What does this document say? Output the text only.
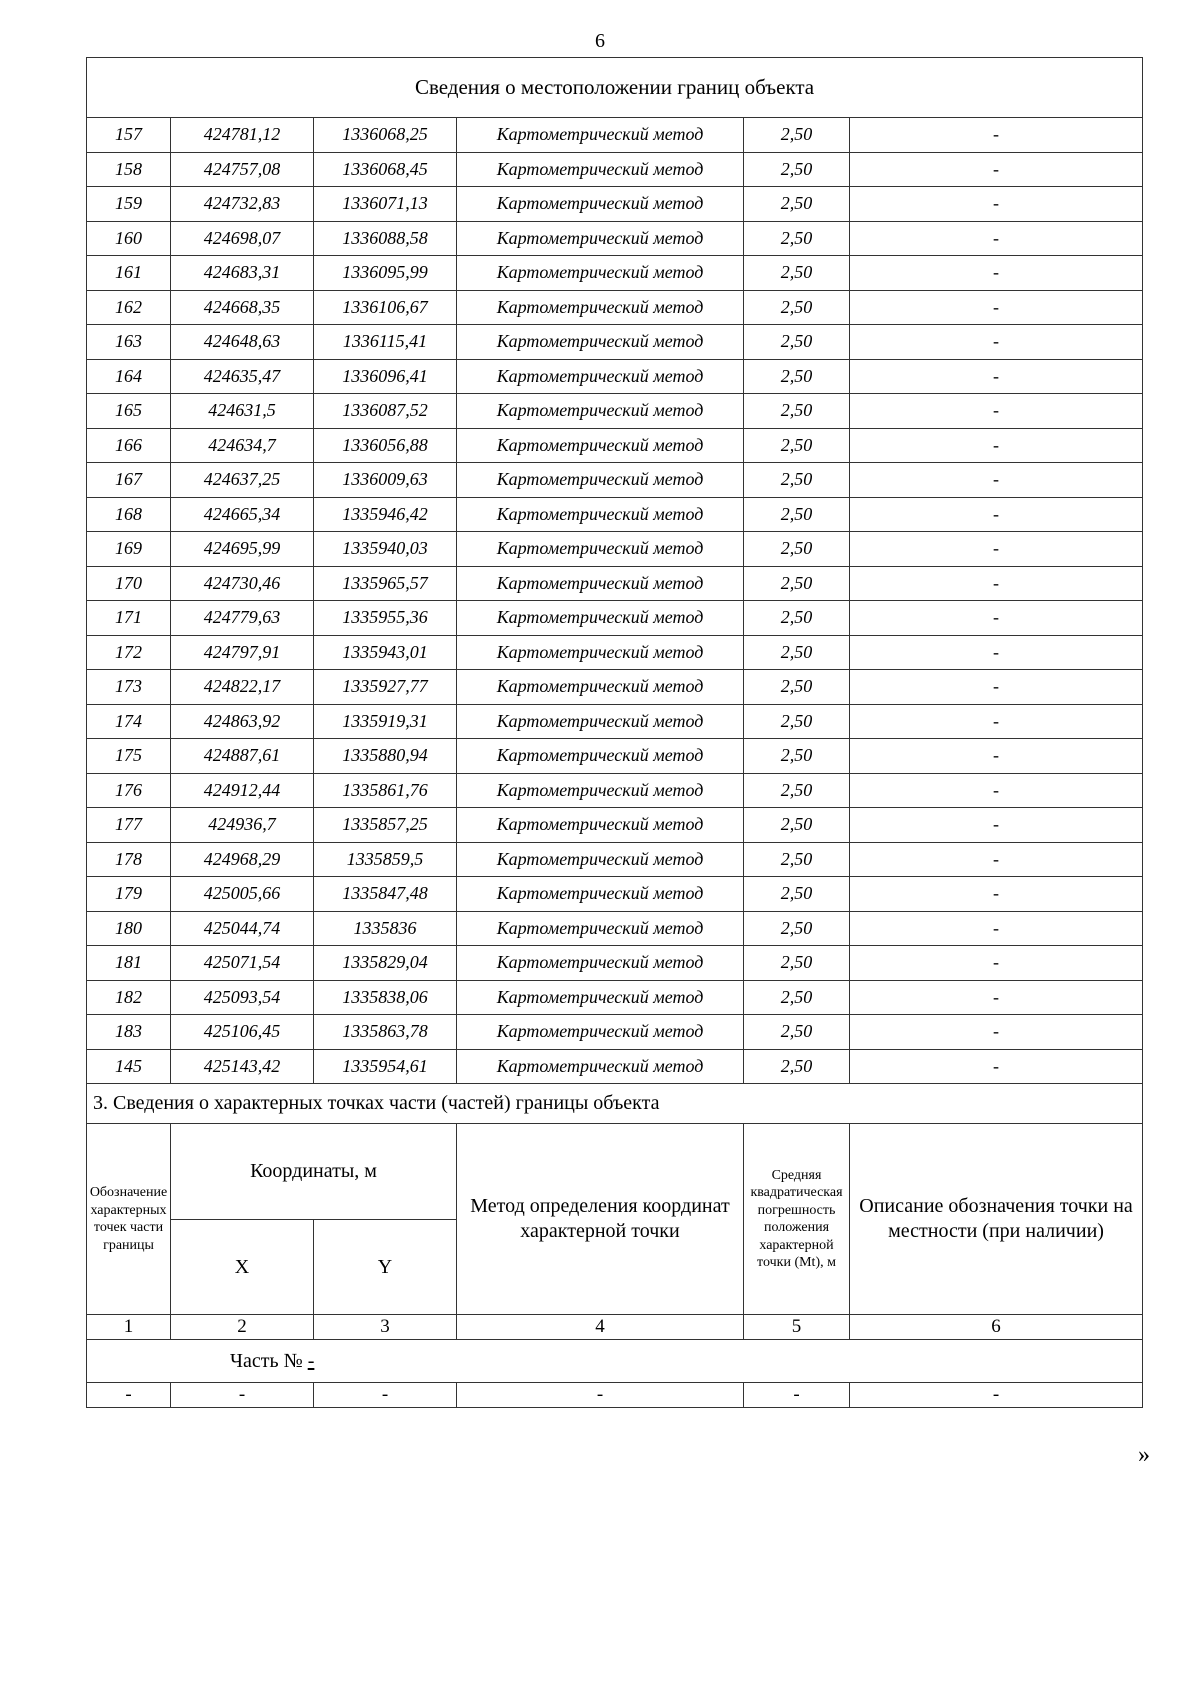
6
Сведения о местоположении границ объекта					
157	424781,12	1336068,25	Картометрический метод	2,50	-
158	424757,08	1336068,45	Картометрический метод	2,50	-
159	424732,83	1336071,13	Картометрический метод	2,50	-
160	424698,07	1336088,58	Картометрический метод	2,50	-
161	424683,31	1336095,99	Картометрический метод	2,50	-
162	424668,35	1336106,67	Картометрический метод	2,50	-
163	424648,63	1336115,41	Картометрический метод	2,50	-
164	424635,47	1336096,41	Картометрический метод	2,50	-
165	424631,5	1336087,52	Картометрический метод	2,50	-
166	424634,7	1336056,88	Картометрический метод	2,50	-
167	424637,25	1336009,63	Картометрический метод	2,50	-
168	424665,34	1335946,42	Картометрический метод	2,50	-
169	424695,99	1335940,03	Картометрический метод	2,50	-
170	424730,46	1335965,57	Картометрический метод	2,50	-
171	424779,63	1335955,36	Картометрический метод	2,50	-
172	424797,91	1335943,01	Картометрический метод	2,50	-
173	424822,17	1335927,77	Картометрический метод	2,50	-
174	424863,92	1335919,31	Картометрический метод	2,50	-
175	424887,61	1335880,94	Картометрический метод	2,50	-
176	424912,44	1335861,76	Картометрический метод	2,50	-
177	424936,7	1335857,25	Картометрический метод	2,50	-
178	424968,29	1335859,5	Картометрический метод	2,50	-
179	425005,66	1335847,48	Картометрический метод	2,50	-
180	425044,74	1335836	Картометрический метод	2,50	-
181	425071,54	1335829,04	Картометрический метод	2,50	-
182	425093,54	1335838,06	Картометрический метод	2,50	-
183	425106,45	1335863,78	Картометрический метод	2,50	-
145	425143,42	1335954,61	Картометрический метод	2,50	-
3. Сведения о характерных точках части (частей) границы объекта					
Обозначение характерных точек части границы	Координаты, м		Метод определения координат характерной точки	Средняя квадратическая погрешность положения характерной точки (Mt), м	Описание обозначения точки на местности (при наличии)
	X	Y			
1	2	3	4	5	6
Часть № -					
-	-	-	-	-	-
»
